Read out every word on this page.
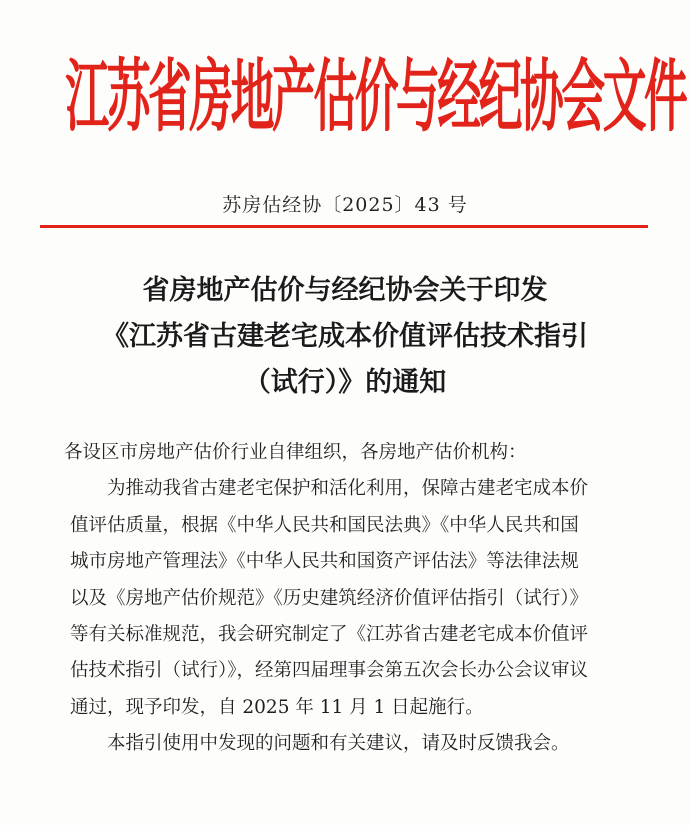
江苏省房地产估价与经纪协会文件
苏房估经协〔2025〕43 号
省房地产估价与经纪协会关于印发
《江苏省古建老宅成本价值评估技术指引
（试行）》的通知

各设区市房地产估价行业自律组织，各房地产估价机构：

为推动我省古建老宅保护和活化利用，保障古建老宅成本价

值评估质量，根据《中华人民共和国民法典》《中华人民共和国

城市房地产管理法》《中华人民共和国资产评估法》等法律法规

以及《房地产估价规范》《历史建筑经济价值评估指引（试行）》

等有关标准规范，我会研究制定了《江苏省古建老宅成本价值评

估技术指引（试行）》，经第四届理事会第五次会长办公会议审议

通过，现予印发，自 2025 年 11 月 1 日起施行。

本指引使用中发现的问题和有关建议，请及时反馈我会。
